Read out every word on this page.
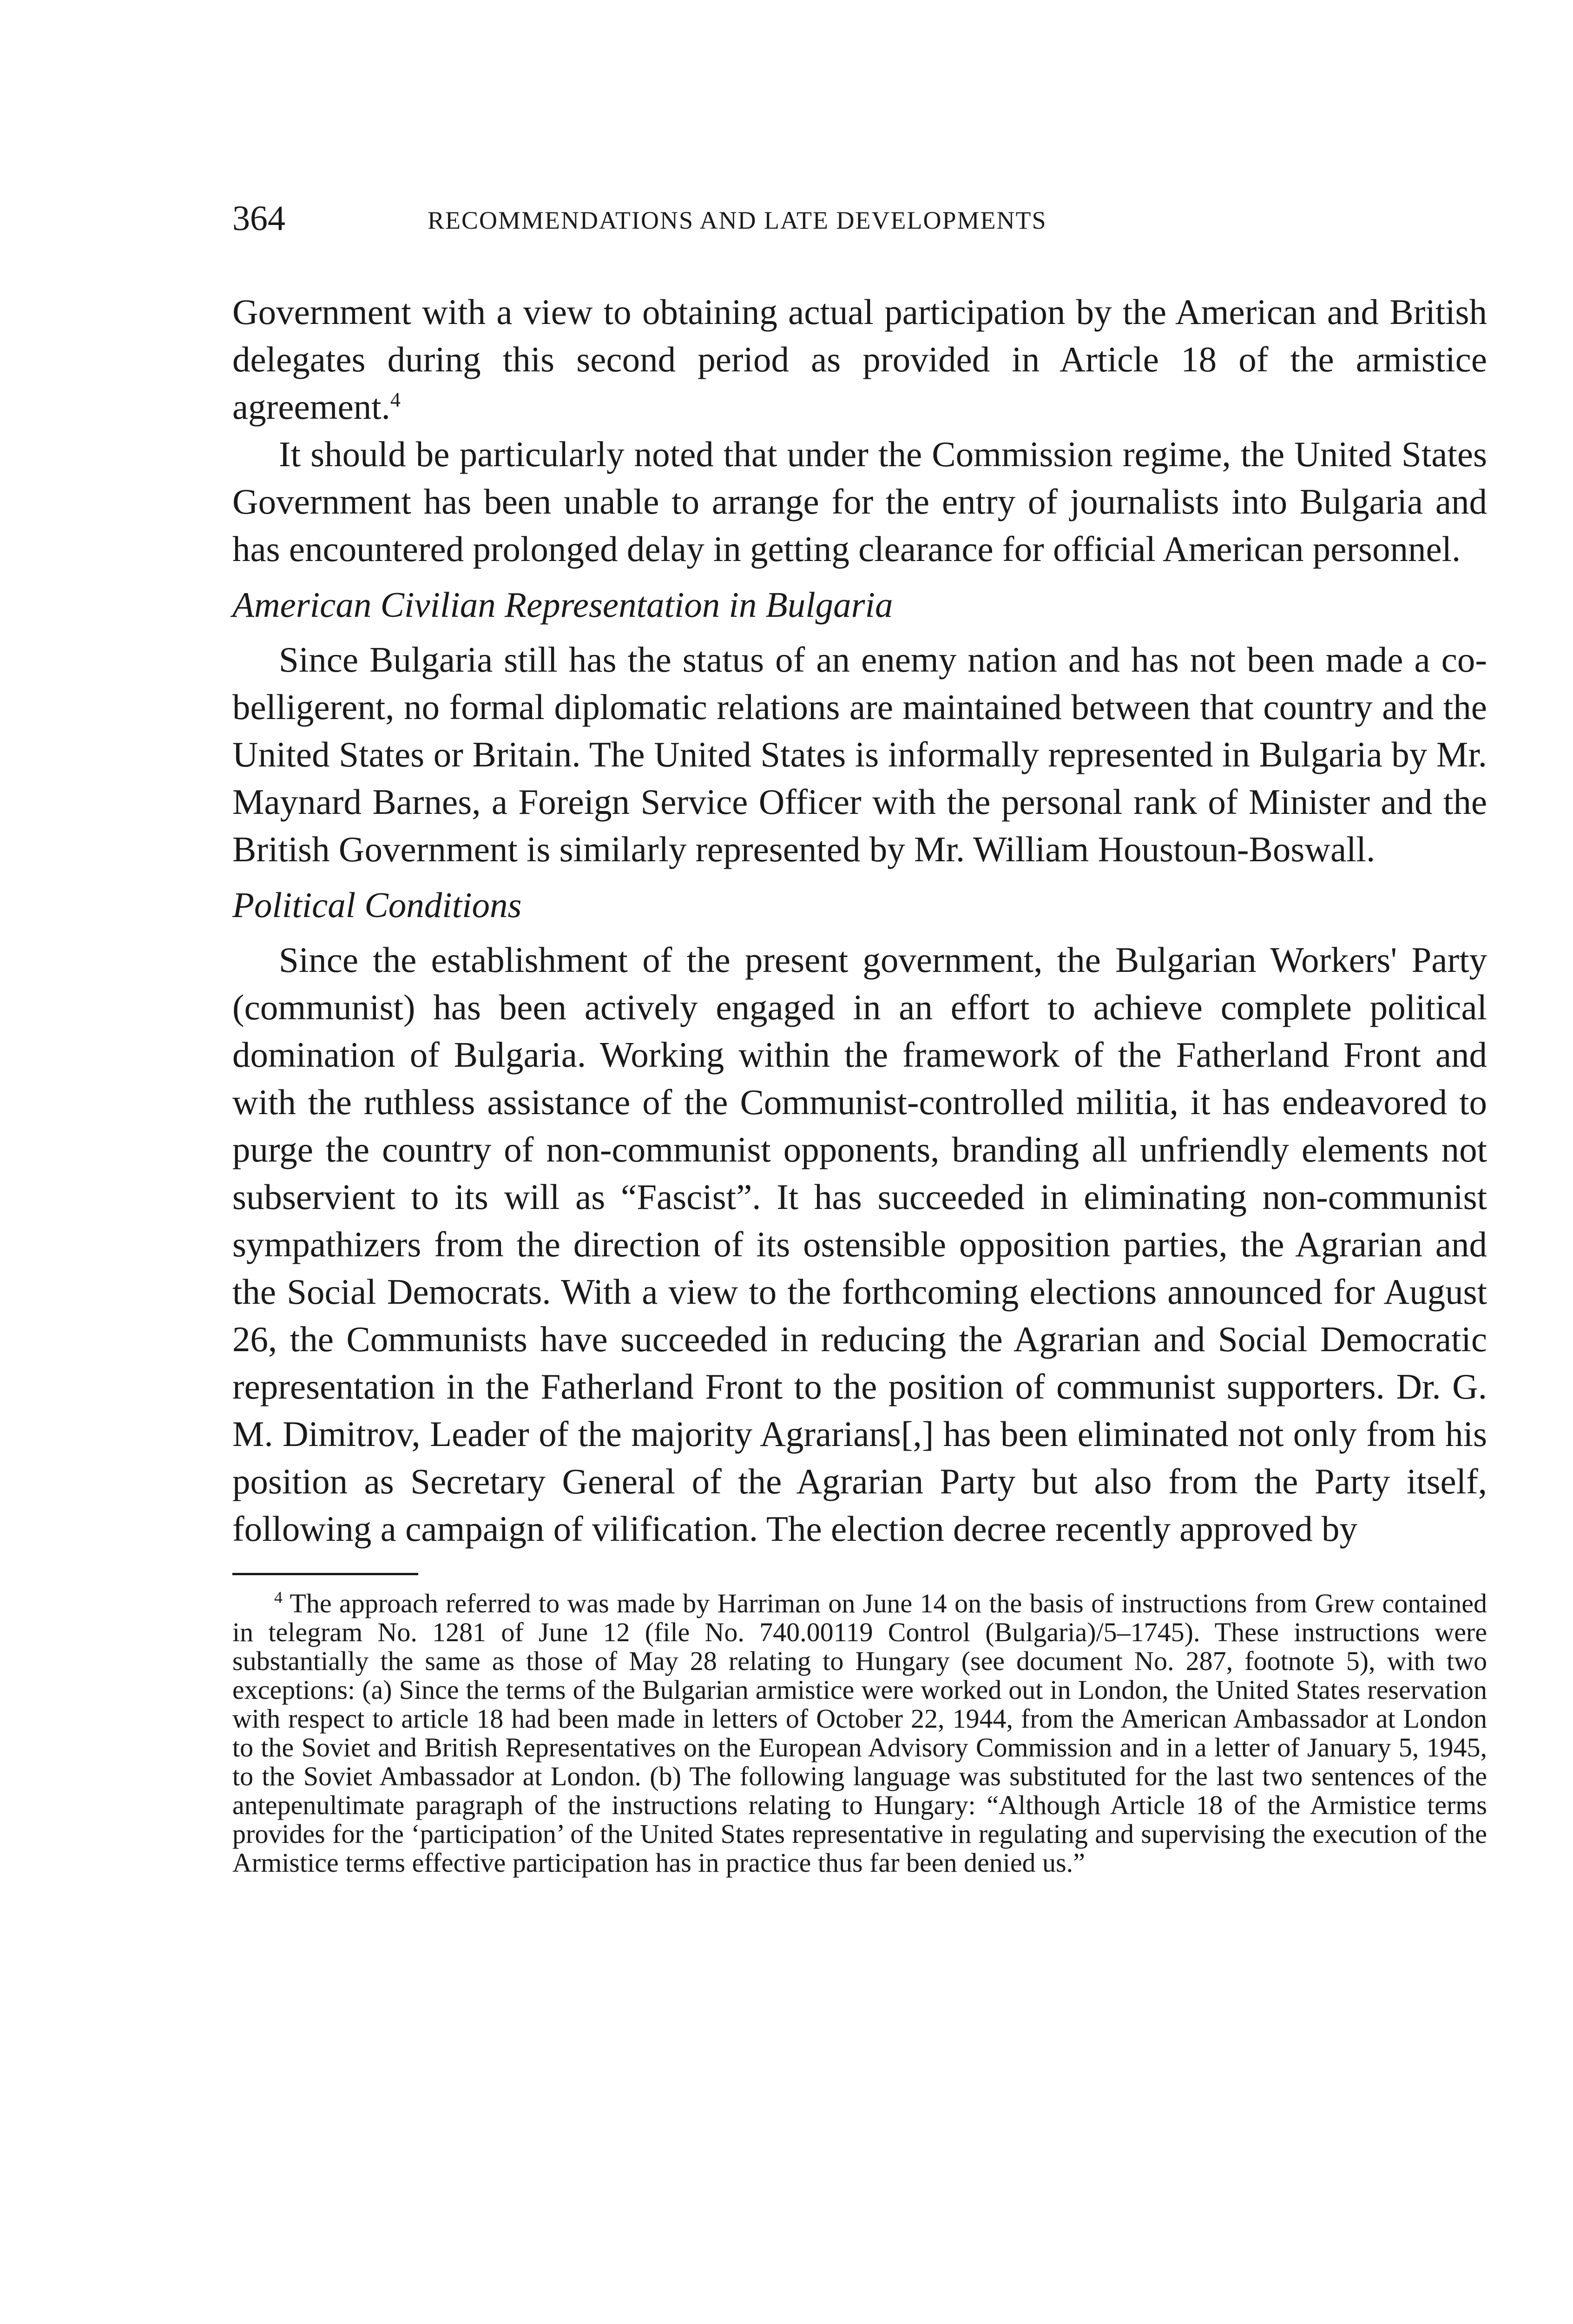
364	RECOMMENDATIONS AND LATE DEVELOPMENTS

Government with a view to obtaining actual participation by the American and British delegates during this second period as provided in Article 18 of the armistice agreement.$^4$

It should be particularly noted that under the Commission regime, the United States Government has been unable to arrange for the entry of journalists into Bulgaria and has encountered prolonged delay in getting clearance for official American personnel.

American Civilian Representation in Bulgaria

Since Bulgaria still has the status of an enemy nation and has not been made a co-belligerent, no formal diplomatic relations are maintained between that country and the United States or Britain. The United States is informally represented in Bulgaria by Mr. Maynard Barnes, a Foreign Service Officer with the personal rank of Minister and the British Government is similarly represented by Mr. William Houstoun-Boswall.

Political Conditions

Since the establishment of the present government, the Bulgarian Workers' Party (communist) has been actively engaged in an effort to achieve complete political domination of Bulgaria. Working within the framework of the Fatherland Front and with the ruthless assistance of the Communist-controlled militia, it has endeavored to purge the country of non-communist opponents, branding all unfriendly elements not subservient to its will as “Fascist”. It has succeeded in eliminating non-communist sympathizers from the direction of its ostensible opposition parties, the Agrarian and the Social Democrats. With a view to the forthcoming elections announced for August 26, the Communists have succeeded in reducing the Agrarian and Social Democratic representation in the Fatherland Front to the position of communist supporters. Dr. G. M. Dimitrov, Leader of the majority Agrarians[,] has been eliminated not only from his position as Secretary General of the Agrarian Party but also from the Party itself, following a campaign of vilification. The election decree recently approved by

$^4$ The approach referred to was made by Harriman on June 14 on the basis of instructions from Grew contained in telegram No. 1281 of June 12 (file No. 740.00119 Control (Bulgaria)/5–1745). These instructions were substantially the same as those of May 28 relating to Hungary (see document No. 287, footnote 5), with two exceptions: (a) Since the terms of the Bulgarian armistice were worked out in London, the United States reservation with respect to article 18 had been made in letters of October 22, 1944, from the American Ambassador at London to the Soviet and British Representatives on the European Advisory Commission and in a letter of January 5, 1945, to the Soviet Ambassador at London. (b) The following language was substituted for the last two sentences of the antepenultimate paragraph of the instructions relating to Hungary: “Although Article 18 of the Armistice terms provides for the ‘participation’ of the United States representative in regulating and supervising the execution of the Armistice terms effective participation has in practice thus far been denied us.”
